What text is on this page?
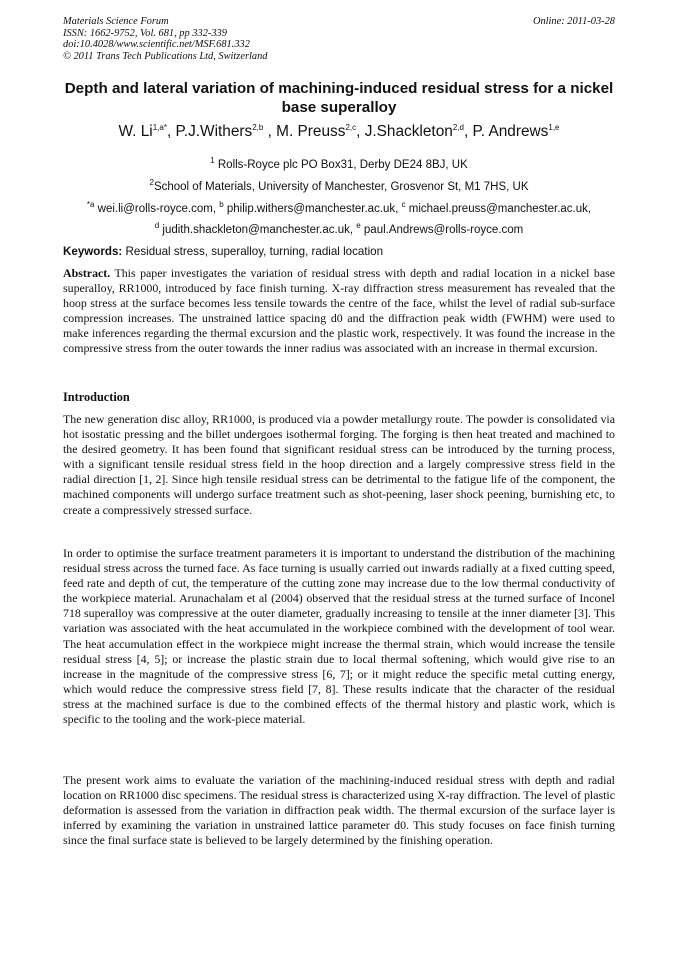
Materials Science Forum
ISSN: 1662-9752, Vol. 681, pp 332-339
doi:10.4028/www.scientific.net/MSF.681.332
© 2011 Trans Tech Publications Ltd, Switzerland
Online: 2011-03-28
Depth and lateral variation of machining-induced residual stress for a nickel base superalloy
W. $Li^{1,a*}$, P.J.Withers$^{2,b}$ , M. Preuss$^{2,c}$, J.Shackleton$^{2,d}$, P. Andrews$^{1,e}$
$^1$ Rolls-Royce plc PO Box31, Derby DE24 8BJ, UK
$^2$School of Materials, University of Manchester, Grosvenor St, M1 7HS, UK
$^{*a}$ wei.li@rolls-royce.com, $^b$ philip.withers@manchester.ac.uk, $^c$ michael.preuss@manchester.ac.uk,
$^d$ judith.shackleton@manchester.ac.uk, $^e$ paul.Andrews@rolls-royce.com
Keywords: Residual stress, superalloy, turning, radial location

Abstract. This paper investigates the variation of residual stress with depth and radial location in a nickel base superalloy, RR1000, introduced by face finish turning. X-ray diffraction stress measurement has revealed that the hoop stress at the surface becomes less tensile towards the centre of the face, whilst the level of radial sub-surface compression increases. The unstrained lattice spacing d0 and the diffraction peak width (FWHM) were used to make inferences regarding the thermal excursion and the plastic work, respectively. It was found the increase in the compressive stress from the outer towards the inner radius was associated with an increase in thermal excursion.

Introduction

The new generation disc alloy, RR1000, is produced via a powder metallurgy route. The powder is consolidated via hot isostatic pressing and the billet undergoes isothermal forging. The forging is then heat treated and machined to the desired geometry. It has been found that significant residual stress can be introduced by the turning process, with a significant tensile residual stress field in the hoop direction and a largely compressive stress field in the radial direction [1, 2]. Since high tensile residual stress can be detrimental to the fatigue life of the component, the machined components will undergo surface treatment such as shot-peening, laser shock peening, burnishing etc, to create a compressively stressed surface.

In order to optimise the surface treatment parameters it is important to understand the distribution of the machining residual stress across the turned face. As face turning is usually carried out inwards radially at a fixed cutting speed, feed rate and depth of cut, the temperature of the cutting zone may increase due to the low thermal conductivity of the workpiece material. Arunachalam et al (2004) observed that the residual stress at the turned surface of Inconel 718 superalloy was compressive at the outer diameter, gradually increasing to tensile at the inner diameter [3]. This variation was associated with the heat accumulated in the workpiece combined with the development of tool wear. The heat accumulation effect in the workpiece might increase the thermal strain, which would increase the tensile residual stress [4, 5]; or increase the plastic strain due to local thermal softening, which would give rise to an increase in the magnitude of the compressive stress [6, 7]; or it might reduce the specific metal cutting energy, which would reduce the compressive stress field [7, 8]. These results indicate that the character of the residual stress at the machined surface is due to the combined effects of the thermal history and plastic work, which is specific to the tooling and the work-piece material.

The present work aims to evaluate the variation of the machining-induced residual stress with depth and radial location on RR1000 disc specimens. The residual stress is characterized using X-ray diffraction. The level of plastic deformation is assessed from the variation in diffraction peak width. The thermal excursion of the surface layer is inferred by examining the variation in unstrained lattice parameter d0. This study focuses on face finish turning since the final surface state is believed to be largely determined by the finishing operation.
